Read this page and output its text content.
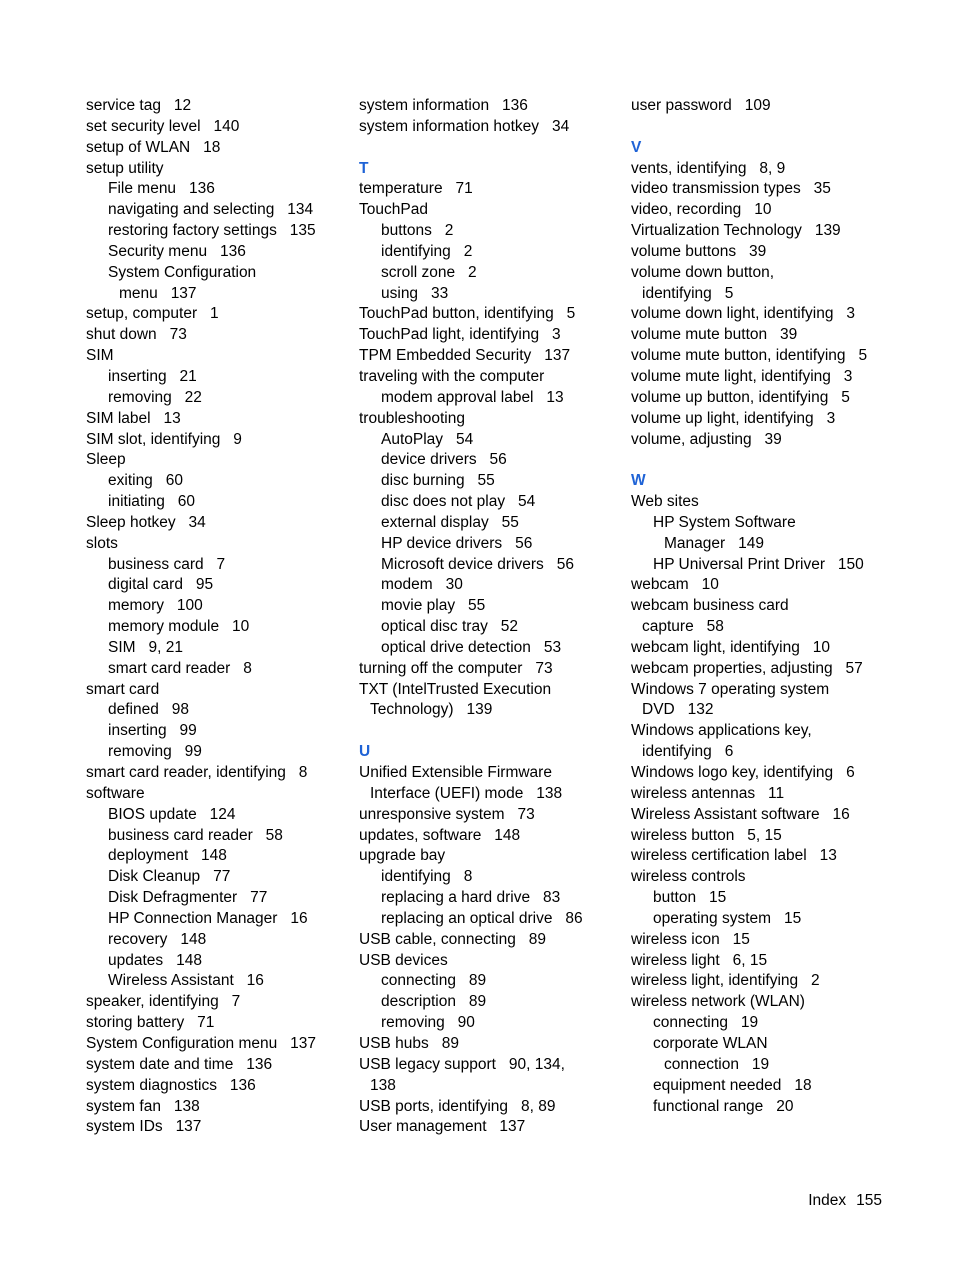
service tag   12
set security level   140
setup of WLAN   18
setup utility
File menu   136
navigating and selecting   134
restoring factory settings   135
Security menu   136
System Configuration
menu   137
setup, computer   1
shut down   73
SIM
inserting   21
removing   22
SIM label   13
SIM slot, identifying   9
Sleep
exiting   60
initiating   60
Sleep hotkey   34
slots
business card   7
digital card   95
memory   100
memory module   10
SIM   9, 21
smart card reader   8
smart card
defined   98
inserting   99
removing   99
smart card reader, identifying   8
software
BIOS update   124
business card reader   58
deployment   148
Disk Cleanup   77
Disk Defragmenter   77
HP Connection Manager   16
recovery   148
updates   148
Wireless Assistant   16
speaker, identifying   7
storing battery   71
System Configuration menu   137
system date and time   136
system diagnostics   136
system fan   138
system IDs   137
system information   136
system information hotkey   34
T
temperature   71
TouchPad
buttons   2
identifying   2
scroll zone   2
using   33
TouchPad button, identifying   5
TouchPad light, identifying   3
TPM Embedded Security   137
traveling with the computer
modem approval label   13
troubleshooting
AutoPlay   54
device drivers   56
disc burning   55
disc does not play   54
external display   55
HP device drivers   56
Microsoft device drivers   56
modem   30
movie play   55
optical disc tray   52
optical drive detection   53
turning off the computer   73
TXT (IntelTrusted Execution
Technology)   139
U
Unified Extensible Firmware
Interface (UEFI) mode   138
unresponsive system   73
updates, software   148
upgrade bay
identifying   8
replacing a hard drive   83
replacing an optical drive   86
USB cable, connecting   89
USB devices
connecting   89
description   89
removing   90
USB hubs   89
USB legacy support   90, 134,
138
USB ports, identifying   8, 89
User management   137
user password   109
V
vents, identifying   8, 9
video transmission types   35
video, recording   10
Virtualization Technology   139
volume buttons   39
volume down button,
identifying   5
volume down light, identifying   3
volume mute button   39
volume mute button, identifying   5
volume mute light, identifying   3
volume up button, identifying   5
volume up light, identifying   3
volume, adjusting   39
W
Web sites
HP System Software
Manager   149
HP Universal Print Driver   150
webcam   10
webcam business card
capture   58
webcam light, identifying   10
webcam properties, adjusting   57
Windows 7 operating system
DVD   132
Windows applications key,
identifying   6
Windows logo key, identifying   6
wireless antennas   11
Wireless Assistant software   16
wireless button   5, 15
wireless certification label   13
wireless controls
button   15
operating system   15
wireless icon   15
wireless light   6, 15
wireless light, identifying   2
wireless network (WLAN)
connecting   19
corporate WLAN
connection   19
equipment needed   18
functional range   20
Index 155
